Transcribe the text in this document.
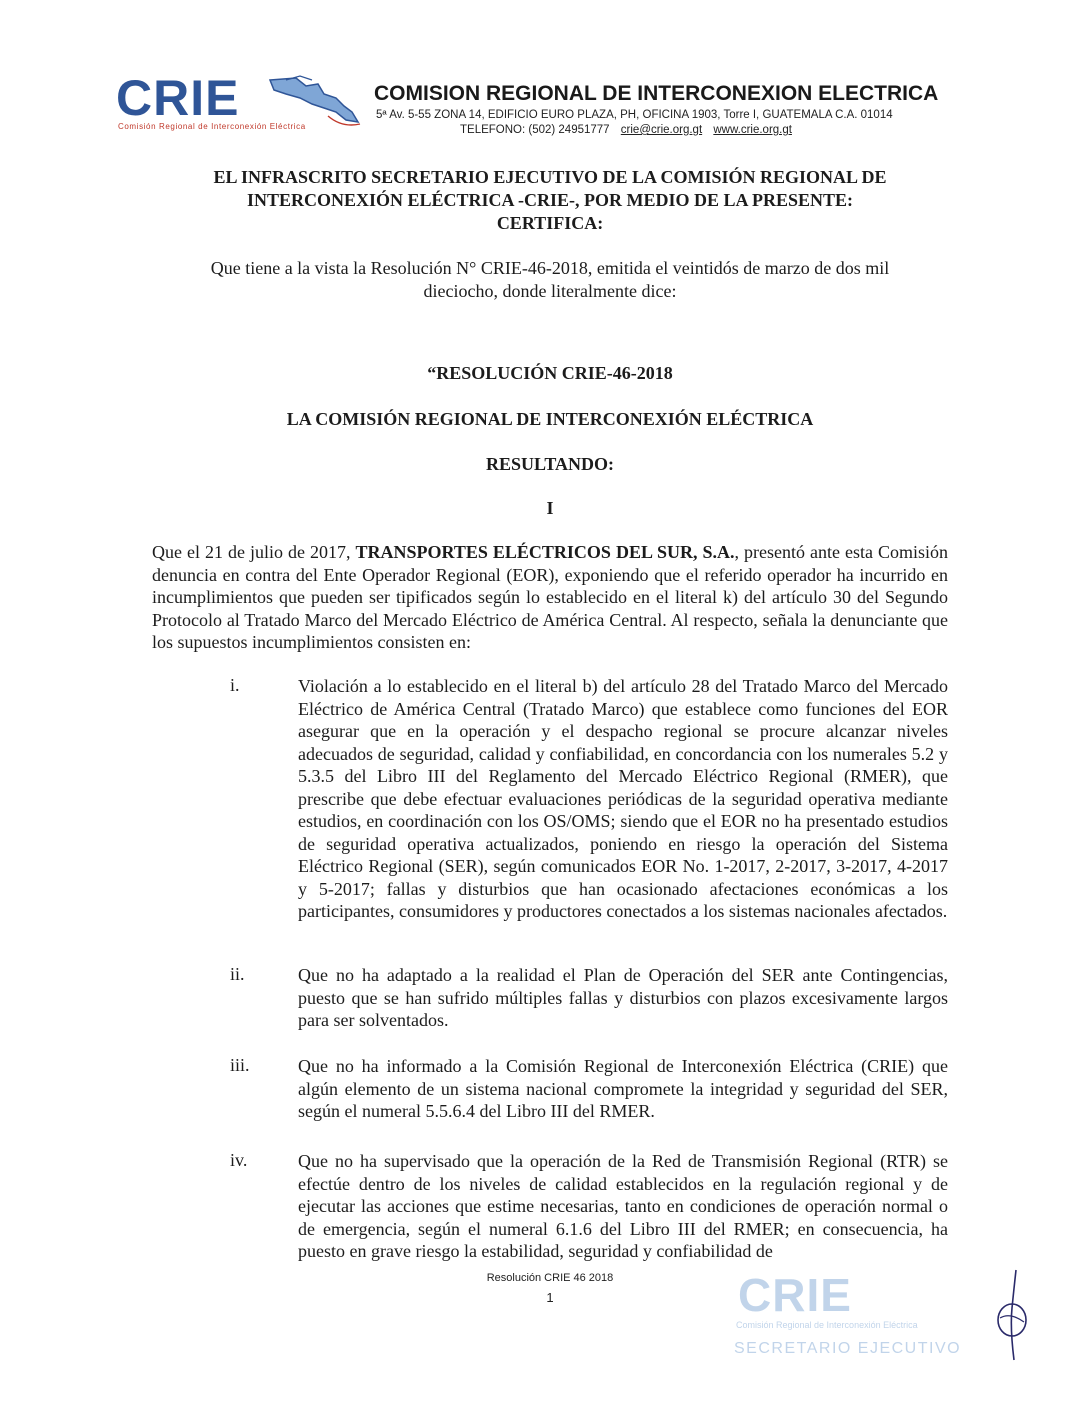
CRIE
Comisión Regional de Interconexión Eléctrica
COMISION REGIONAL DE INTERCONEXION ELECTRICA
5ª Av. 5-55 ZONA 14, EDIFICIO EURO PLAZA, PH, OFICINA 1903, Torre I, GUATEMALA C.A. 01014
TELEFONO: (502) 24951777 crie@crie.org.gt www.crie.org.gt
EL INFRASCRITO SECRETARIO EJECUTIVO DE LA COMISIÓN REGIONAL DE
INTERCONEXIÓN ELÉCTRICA -CRIE-, POR MEDIO DE LA PRESENTE:
CERTIFICA:
Que tiene a la vista la Resolución N° CRIE-46-2018, emitida el veintidós de marzo de dos mil
dieciocho, donde literalmente dice:
“RESOLUCIÓN CRIE-46-2018
LA COMISIÓN REGIONAL DE INTERCONEXIÓN ELÉCTRICA
RESULTANDO:
I
Que el 21 de julio de 2017, TRANSPORTES ELÉCTRICOS DEL SUR, S.A., presentó ante esta Comisión denuncia en contra del Ente Operador Regional (EOR), exponiendo que el referido operador ha incurrido en incumplimientos que pueden ser tipificados según lo establecido en el literal k) del artículo 30 del Segundo Protocolo al Tratado Marco del Mercado Eléctrico de América Central. Al respecto, señala la denunciante que los supuestos incumplimientos consisten en:
i.	Violación a lo establecido en el literal b) del artículo 28 del Tratado Marco del Mercado Eléctrico de América Central (Tratado Marco) que establece como funciones del EOR asegurar que en la operación y el despacho regional se procure alcanzar niveles adecuados de seguridad, calidad y confiabilidad, en concordancia con los numerales 5.2 y 5.3.5 del Libro III del Reglamento del Mercado Eléctrico Regional (RMER), que prescribe que debe efectuar evaluaciones periódicas de la seguridad operativa mediante estudios, en coordinación con los OS/OMS; siendo que el EOR no ha presentado estudios de seguridad operativa actualizados, poniendo en riesgo la operación del Sistema Eléctrico Regional (SER), según comunicados EOR No. 1-2017, 2-2017, 3-2017, 4-2017 y 5-2017; fallas y disturbios que han ocasionado afectaciones económicas a los participantes, consumidores y productores conectados a los sistemas nacionales afectados.
ii.	Que no ha adaptado a la realidad el Plan de Operación del SER ante Contingencias, puesto que se han sufrido múltiples fallas y disturbios con plazos excesivamente largos para ser solventados.
iii.	Que no ha informado a la Comisión Regional de Interconexión Eléctrica (CRIE) que algún elemento de un sistema nacional compromete la integridad y seguridad del SER, según el numeral 5.5.6.4 del Libro III del RMER.
iv.	Que no ha supervisado que la operación de la Red de Transmisión Regional (RTR) se efectúe dentro de los niveles de calidad establecidos en la regulación regional y de ejecutar las acciones que estime necesarias, tanto en condiciones de operación normal o de emergencia, según el numeral 6.1.6 del Libro III del RMER; en consecuencia, ha puesto en grave riesgo la estabilidad, seguridad y confiabilidad de
Resolución CRIE 46 2018
1	CRIE
Comisión Regional de Interconexión Eléctrica
SECRETARIO EJECUTIVO
